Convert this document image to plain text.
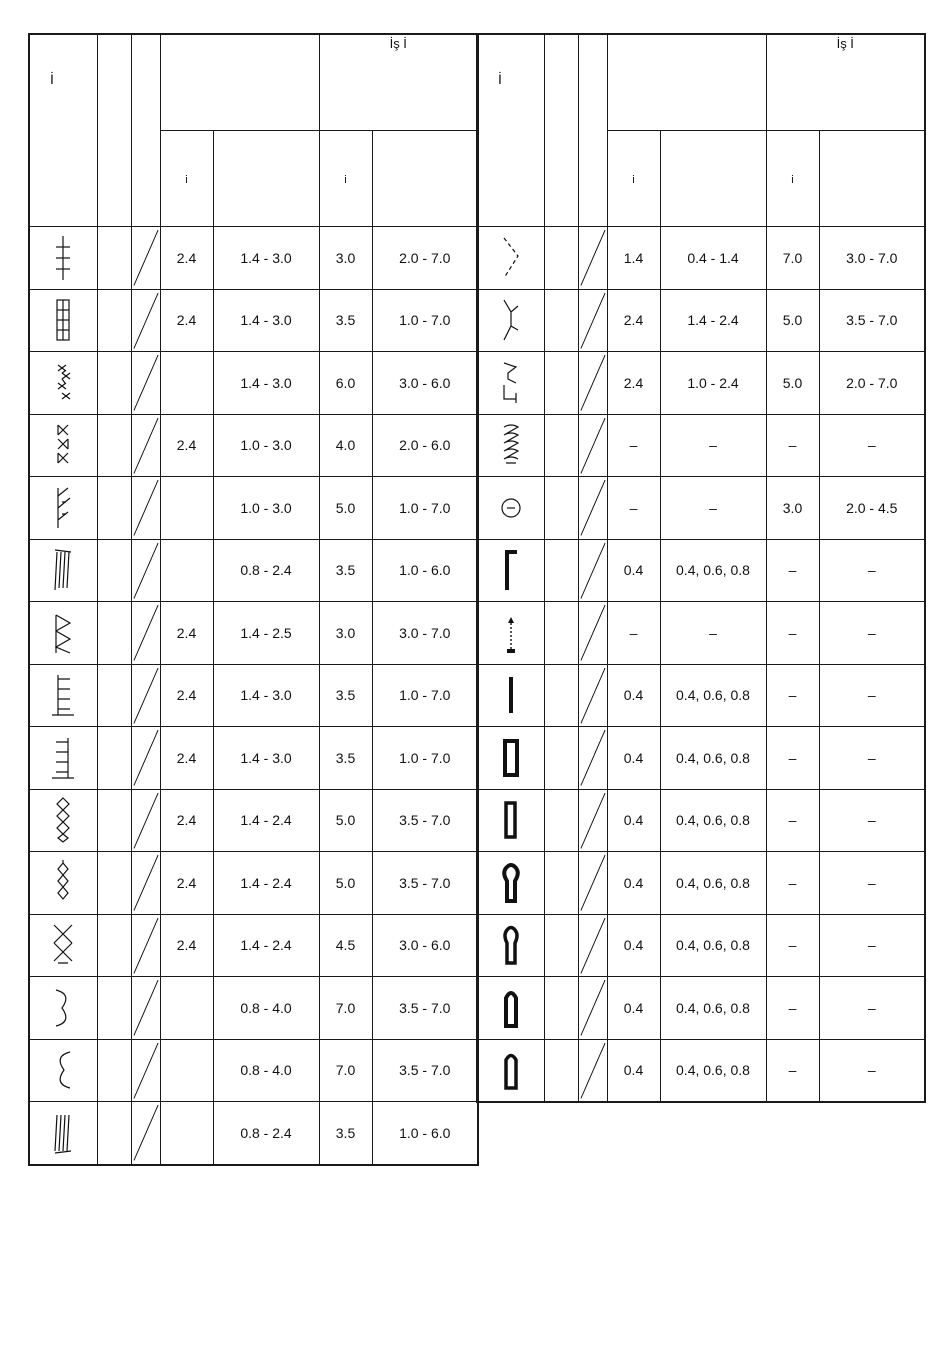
İ					İş İ	

			i		i	

	2.4	1.4 - 3.0	3.0	2.0 - 7.0

	2.4	1.4 - 3.0	3.5	1.0 - 7.0

		1.4 - 3.0	6.0	3.0 - 6.0

	2.4	1.0 - 3.0	4.0	2.0 - 6.0

		1.0 - 3.0	5.0	1.0 - 7.0

		0.8 - 2.4	3.5	1.0 - 6.0

	2.4	1.4 - 2.5	3.0	3.0 - 7.0

	2.4	1.4 - 3.0	3.5	1.0 - 7.0

	2.4	1.4 - 3.0	3.5	1.0 - 7.0

	2.4	1.4 - 2.4	5.0	3.5 - 7.0

	2.4	1.4 - 2.4	5.0	3.5 - 7.0

	2.4	1.4 - 2.4	4.5	3.0 - 6.0

		0.8 - 4.0	7.0	3.5 - 7.0

		0.8 - 4.0	7.0	3.5 - 7.0

		0.8 - 2.4	3.5	1.0 - 6.0
İ					İş İ	

			i		i	

	1.4	0.4 - 1.4	7.0	3.0 - 7.0

	2.4	1.4 - 2.4	5.0	3.5 - 7.0

	2.4	1.0 - 2.4	5.0	2.0 - 7.0

	–	–	–	–

	–	–	3.0	2.0 - 4.5

	0.4	0.4, 0.6, 0.8	–	–

	–	–	–	–

	0.4	0.4, 0.6, 0.8	–	–

	0.4	0.4, 0.6, 0.8	–	–

	0.4	0.4, 0.6, 0.8	–	–

	0.4	0.4, 0.6, 0.8	–	–

	0.4	0.4, 0.6, 0.8	–	–

	0.4	0.4, 0.6, 0.8	–	–

	0.4	0.4, 0.6, 0.8	–	–
